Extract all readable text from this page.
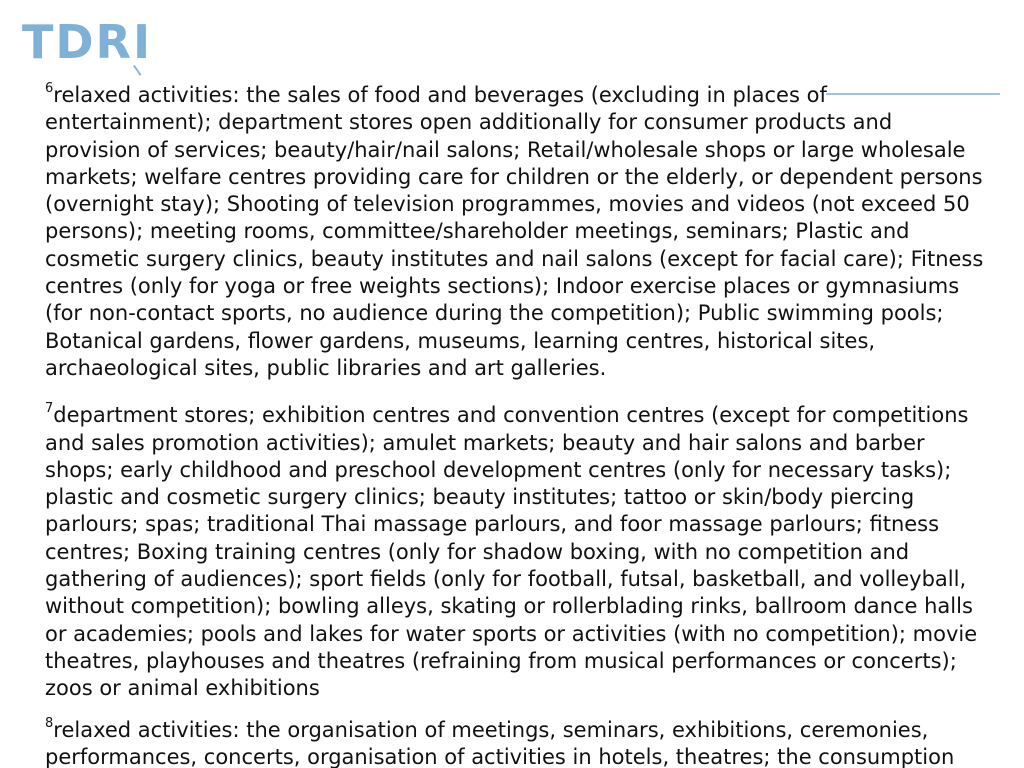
TDRI

$^6$relaxed activities: the sales of food and beverages (excluding in places of entertainment); department stores open additionally for consumer products and provision of services; beauty/hair/nail salons; Retail/wholesale shops or large wholesale markets; welfare centres providing care for children or the elderly, or dependent persons (overnight stay); Shooting of television programmes, movies and videos (not exceed 50 persons); meeting rooms, committee/shareholder meetings, seminars; Plastic and cosmetic surgery clinics, beauty institutes and nail salons (except for facial care); Fitness centres (only for yoga or free weights sections); Indoor exercise places or gymnasiums (for non-contact sports, no audience during the competition); Public swimming pools; Botanical gardens, flower gardens, museums, learning centres, historical sites, archaeological sites, public libraries and art galleries.

$^7$department stores; exhibition centres and convention centres (except for competitions and sales promotion activities); amulet markets; beauty and hair salons and barber shops; early childhood and preschool development centres (only for necessary tasks); plastic and cosmetic surgery clinics; beauty institutes; tattoo or skin/body piercing parlours; spas; traditional Thai massage parlours, and foor massage parlours; fitness centres; Boxing training centres (only for shadow boxing, with no competition and gathering of audiences); sport fields (only for football, futsal, basketball, and volleyball, without competition); bowling alleys, skating or rollerblading rinks, ballroom dance halls or academies; pools and lakes for water sports or activities (with no competition); movie theatres, playhouses and theatres (refraining from musical performances or concerts); zoos or animal exhibitions

$^8$relaxed activities: the organisation of meetings, seminars, exhibitions, ceremonies, performances, concerts, organisation of activities in hotels, theatres; the consumption
